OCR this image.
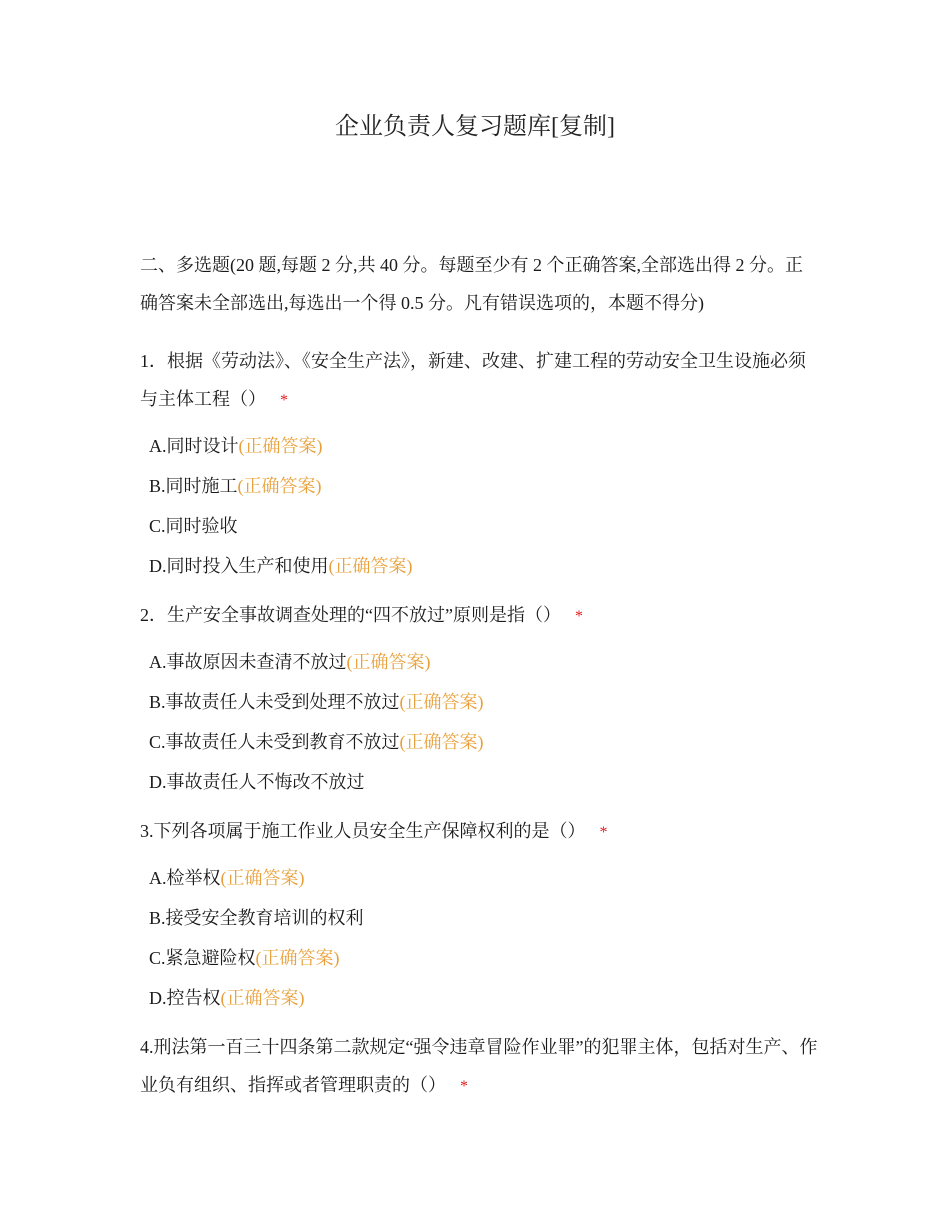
企业负责人复习题库[复制]
二、多选题(20 题,每题 2 分,共 40 分。每题至少有 2 个正确答案,全部选出得 2 分。正确答案未全部选出,每选出一个得 0.5 分。凡有错误选项的，本题不得分)
1．根据《劳动法》、《安全生产法》，新建、改建、扩建工程的劳动安全卫生设施必须与主体工程（） *
A.同时设计(正确答案)
B.同时施工(正确答案)
C.同时验收
D.同时投入生产和使用(正确答案)
2．生产安全事故调查处理的“四不放过”原则是指（） *
A.事故原因未查清不放过(正确答案)
B.事故责任人未受到处理不放过(正确答案)
C.事故责任人未受到教育不放过(正确答案)
D.事故责任人不悔改不放过
3.下列各项属于施工作业人员安全生产保障权利的是（） *
A.检举权(正确答案)
B.接受安全教育培训的权利
C.紧急避险权(正确答案)
D.控告权(正确答案)
4.刑法第一百三十四条第二款规定“强令违章冒险作业罪”的犯罪主体，包括对生产、作业负有组织、指挥或者管理职责的（） *
